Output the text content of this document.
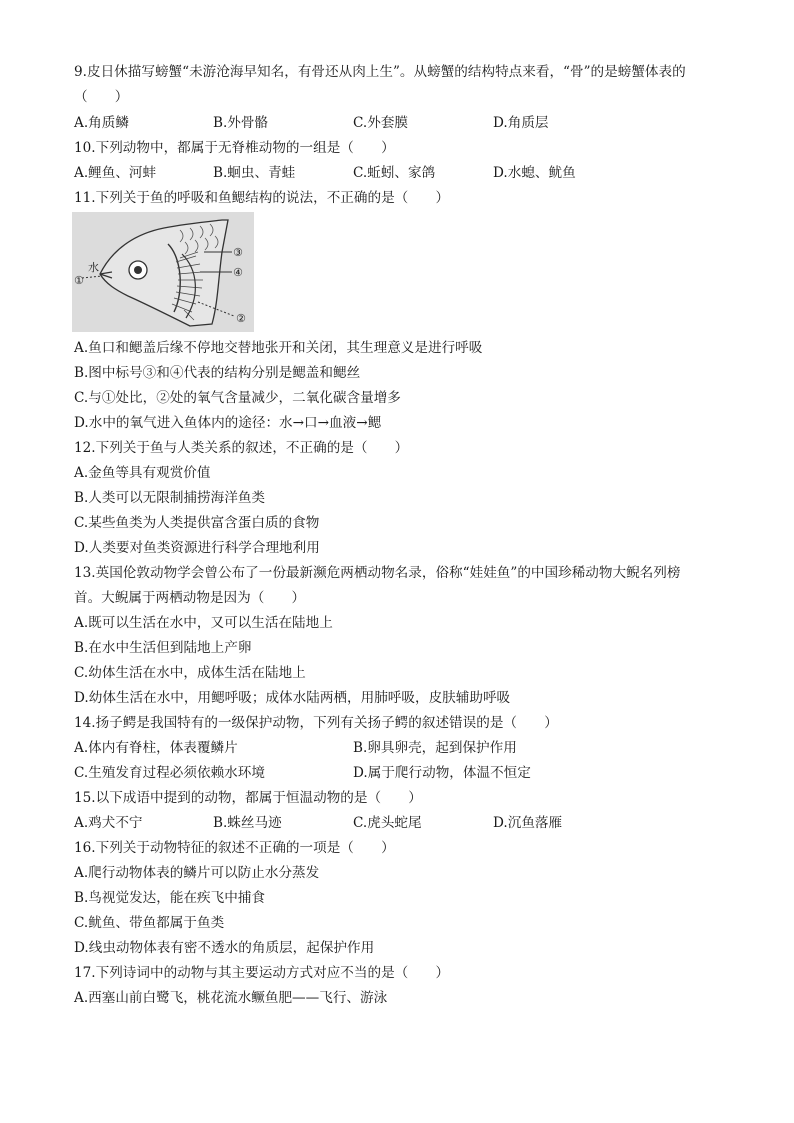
9.皮日休描写螃蟹“未游沧海早知名，有骨还从肉上生”。从螃蟹的结构特点来看，“骨”的是螃蟹体表的
（　　）
A.角质鳞	B.外骨骼	C.外套膜	D.角质层
10.下列动物中，都属于无脊椎动物的一组是（　　）
A.鲤鱼、河蚌	B.蛔虫、青蛙	C.蚯蚓、家鸽	D.水螅、鱿鱼
11.下列关于鱼的呼吸和鱼鳃结构的说法，不正确的是（　　）
水
①
③
④
②
A.鱼口和鳃盖后缘不停地交替地张开和关闭，其生理意义是进行呼吸
B.图中标号③和④代表的结构分别是鳃盖和鳃丝
C.与①处比，②处的氧气含量减少，二氧化碳含量增多
D.水中的氧气进入鱼体内的途径：水→口→血液→鳃
12.下列关于鱼与人类关系的叙述，不正确的是（　　）
A.金鱼等具有观赏价值
B.人类可以无限制捕捞海洋鱼类
C.某些鱼类为人类提供富含蛋白质的食物
D.人类要对鱼类资源进行科学合理地利用
13.英国伦敦动物学会曾公布了一份最新濒危两栖动物名录，俗称“娃娃鱼”的中国珍稀动物大鲵名列榜
首。大鲵属于两栖动物是因为（　　）
A.既可以生活在水中，又可以生活在陆地上
B.在水中生活但到陆地上产卵
C.幼体生活在水中，成体生活在陆地上
D.幼体生活在水中，用鳃呼吸；成体水陆两栖，用肺呼吸，皮肤辅助呼吸
14.扬子鳄是我国特有的一级保护动物，下列有关扬子鳄的叙述错误的是（　　）
A.体内有脊柱，体表覆鳞片	B.卵具卵壳，起到保护作用
C.生殖发育过程必须依赖水环境	D.属于爬行动物，体温不恒定
15.以下成语中提到的动物，都属于恒温动物的是（　　）
A.鸡犬不宁	B.蛛丝马迹	C.虎头蛇尾	D.沉鱼落雁
16.下列关于动物特征的叙述不正确的一项是（　　）
A.爬行动物体表的鳞片可以防止水分蒸发
B.鸟视觉发达，能在疾飞中捕食
C.鱿鱼、带鱼都属于鱼类
D.线虫动物体表有密不透水的角质层，起保护作用
17.下列诗词中的动物与其主要运动方式对应不当的是（　　）
A.西塞山前白鹭飞，桃花流水鳜鱼肥——飞行、游泳
